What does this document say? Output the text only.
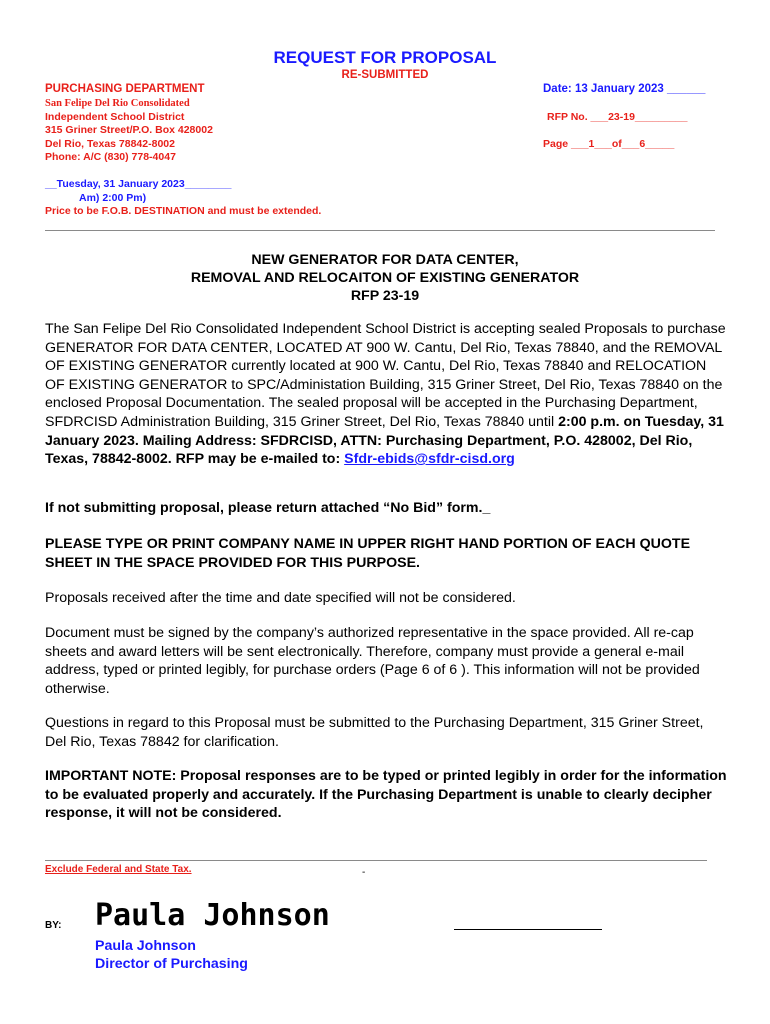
REQUEST FOR PROPOSAL
RE-SUBMITTED
PURCHASING DEPARTMENT	Date: 13 January 2023 ______
San Felipe Del Rio Consolidated
Independent School District
315 Griner Street/P.O. Box 428002
Del Rio, Texas 78842-8002
Phone: A/C (830) 778-4047
RFP No. ___23-19_________
Page ___1___of___6_____
__Tuesday, 31 January 2023________
Am) 2:00 Pm)
Price to be F.O.B. DESTINATION and must be extended.
NEW GENERATOR FOR DATA CENTER,
REMOVAL AND RELOCAITON OF EXISTING GENERATOR
RFP 23-19
The San Felipe Del Rio Consolidated Independent School District is accepting sealed Proposals to purchase GENERATOR FOR DATA CENTER, LOCATED AT 900 W. Cantu, Del Rio, Texas 78840, and the REMOVAL OF EXISTING GENERATOR currently located at 900 W. Cantu, Del Rio, Texas 78840 and RELOCATION OF EXISTING GENERATOR to SPC/Administation Building, 315 Griner Street, Del Rio, Texas 78840 on the enclosed Proposal Documentation. The sealed proposal will be accepted in the Purchasing Department, SFDRCISD Administration Building, 315 Griner Street, Del Rio, Texas 78840 until 2:00 p.m. on Tuesday, 31 January 2023. Mailing Address: SFDRCISD, ATTN: Purchasing Department, P.O. 428002, Del Rio, Texas, 78842-8002. RFP may be e-mailed to: Sfdr-ebids@sfdr-cisd.org
If not submitting proposal, please return attached “No Bid” form._
PLEASE TYPE OR PRINT COMPANY NAME IN UPPER RIGHT HAND PORTION OF EACH QUOTE SHEET IN THE SPACE PROVIDED FOR THIS PURPOSE.
Proposals received after the time and date specified will not be considered.
Document must be signed by the company’s authorized representative in the space provided. All re-cap sheets and award letters will be sent electronically. Therefore, company must provide a general e-mail address, typed or printed legibly, for purchase orders (Page 6 of 6 ). This information will not be provided otherwise.
Questions in regard to this Proposal must be submitted to the Purchasing Department, 315 Griner Street, Del Rio, Texas 78842 for clarification.
IMPORTANT NOTE: Proposal responses are to be typed or printed legibly in order for the information to be evaluated properly and accurately. If the Purchasing Department is unable to clearly decipher response, it will not be considered.
Exclude Federal and State Tax.	-
BY: Paula Johnson
Paula Johnson
Director of Purchasing
